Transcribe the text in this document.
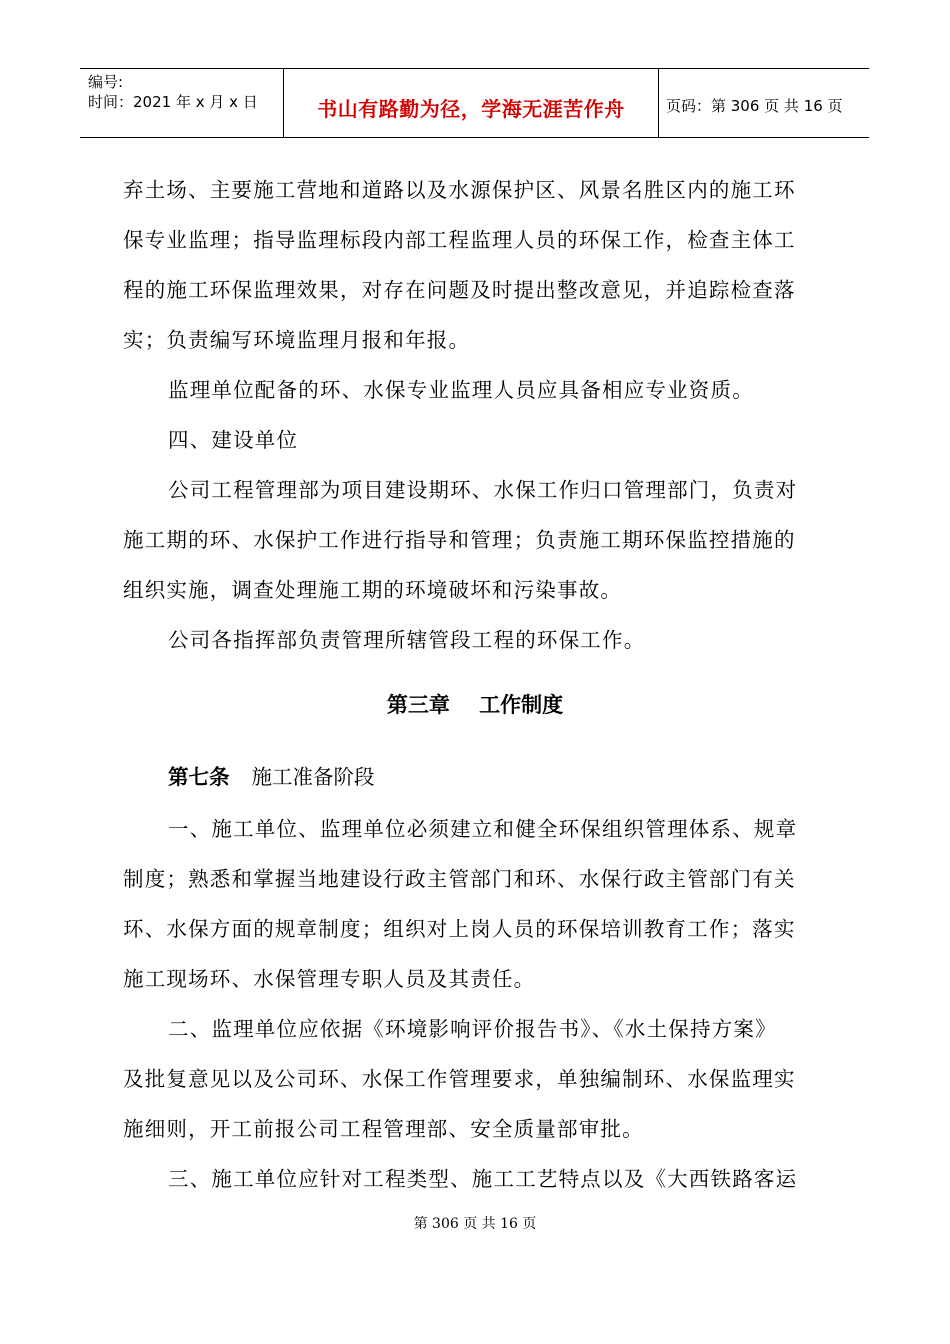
编号:
时间：2021 年 x 月 x 日	书山有路勤为径，学海无涯苦作舟	页码：第 306 页 共 16 页
弃土场、主要施工营地和道路以及水源保护区、风景名胜区内的施工环
保专业监理；指导监理标段内部工程监理人员的环保工作，检查主体工
程的施工环保监理效果，对存在问题及时提出整改意见，并追踪检查落
实；负责编写环境监理月报和年报。
监理单位配备的环、水保专业监理人员应具备相应专业资质。
四、建设单位
公司工程管理部为项目建设期环、水保工作归口管理部门，负责对
施工期的环、水保护工作进行指导和管理；负责施工期环保监控措施的
组织实施，调查处理施工期的环境破坏和污染事故。
公司各指挥部负责管理所辖管段工程的环保工作。
第三章    工作制度
第七条 施工准备阶段
一、施工单位、监理单位必须建立和健全环保组织管理体系、规章
制度；熟悉和掌握当地建设行政主管部门和环、水保行政主管部门有关
环、水保方面的规章制度；组织对上岗人员的环保培训教育工作；落实
施工现场环、水保管理专职人员及其责任。
二、监理单位应依据《环境影响评价报告书》、《水土保持方案》
及批复意见以及公司环、水保工作管理要求，单独编制环、水保监理实
施细则，开工前报公司工程管理部、安全质量部审批。
三、施工单位应针对工程类型、施工工艺特点以及《大西铁路客运
第 306 页 共 16 页
